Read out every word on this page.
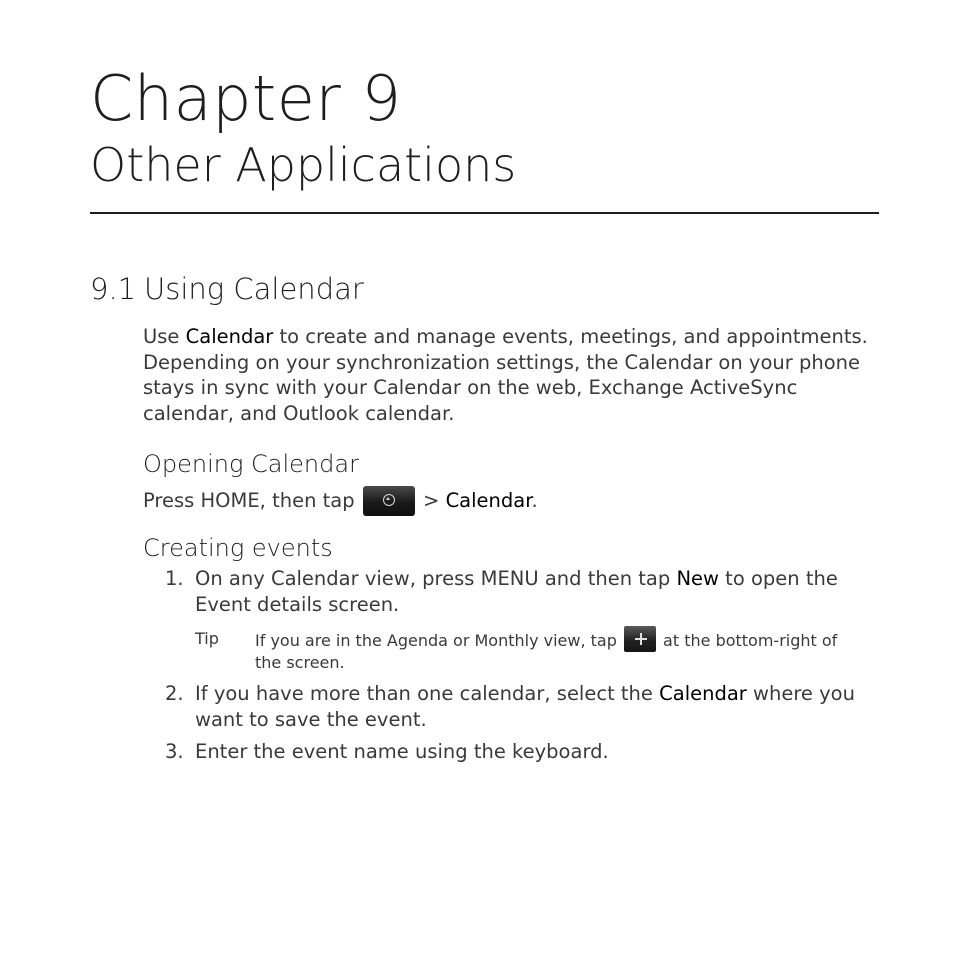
Chapter 9
Other Applications
9.1 Using Calendar
Use Calendar to create and manage events, meetings, and appointments. Depending on your synchronization settings, the Calendar on your phone stays in sync with your Calendar on the web, Exchange ActiveSync calendar, and Outlook calendar.
Opening Calendar
Press HOME, then tap	> Calendar.
Creating events
1. On any Calendar view, press MENU and then tap New to open the Event details screen.
Tip If you are in the Agenda or Monthly view, tap  at the bottom-right of the screen.
2. If you have more than one calendar, select the Calendar where you want to save the event.
3. Enter the event name using the keyboard.
